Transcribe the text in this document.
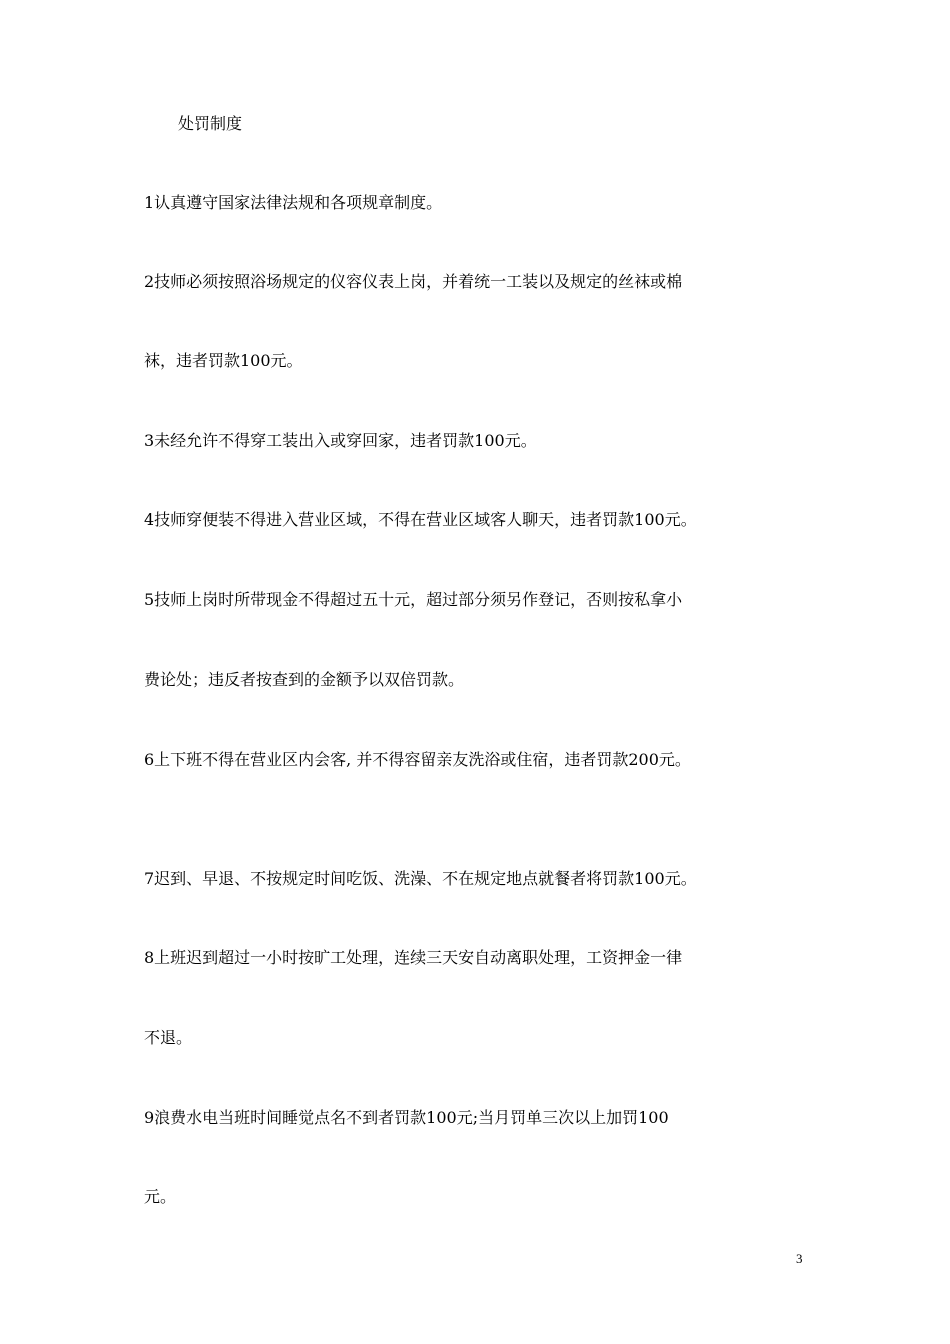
处罚制度
1认真遵守国家法律法规和各项规章制度。
2技师必须按照浴场规定的仪容仪表上岗，并着统一工装以及规定的丝袜或棉
袜，违者罚款100元。
3未经允许不得穿工装出入或穿回家，违者罚款100元。
4技师穿便装不得进入营业区域，不得在营业区域客人聊天，违者罚款100元。
5技师上岗时所带现金不得超过五十元，超过部分须另作登记，否则按私拿小
费论处；违反者按查到的金额予以双倍罚款。
6上下班不得在营业区内会客, 并不得容留亲友洗浴或住宿，违者罚款200元。
7迟到、早退、不按规定时间吃饭、洗澡、不在规定地点就餐者将罚款100元。
8上班迟到超过一小时按旷工处理，连续三天安自动离职处理，工资押金一律
不退。
9浪费水电当班时间睡觉点名不到者罚款100元;当月罚单三次以上加罚100
元。
3
